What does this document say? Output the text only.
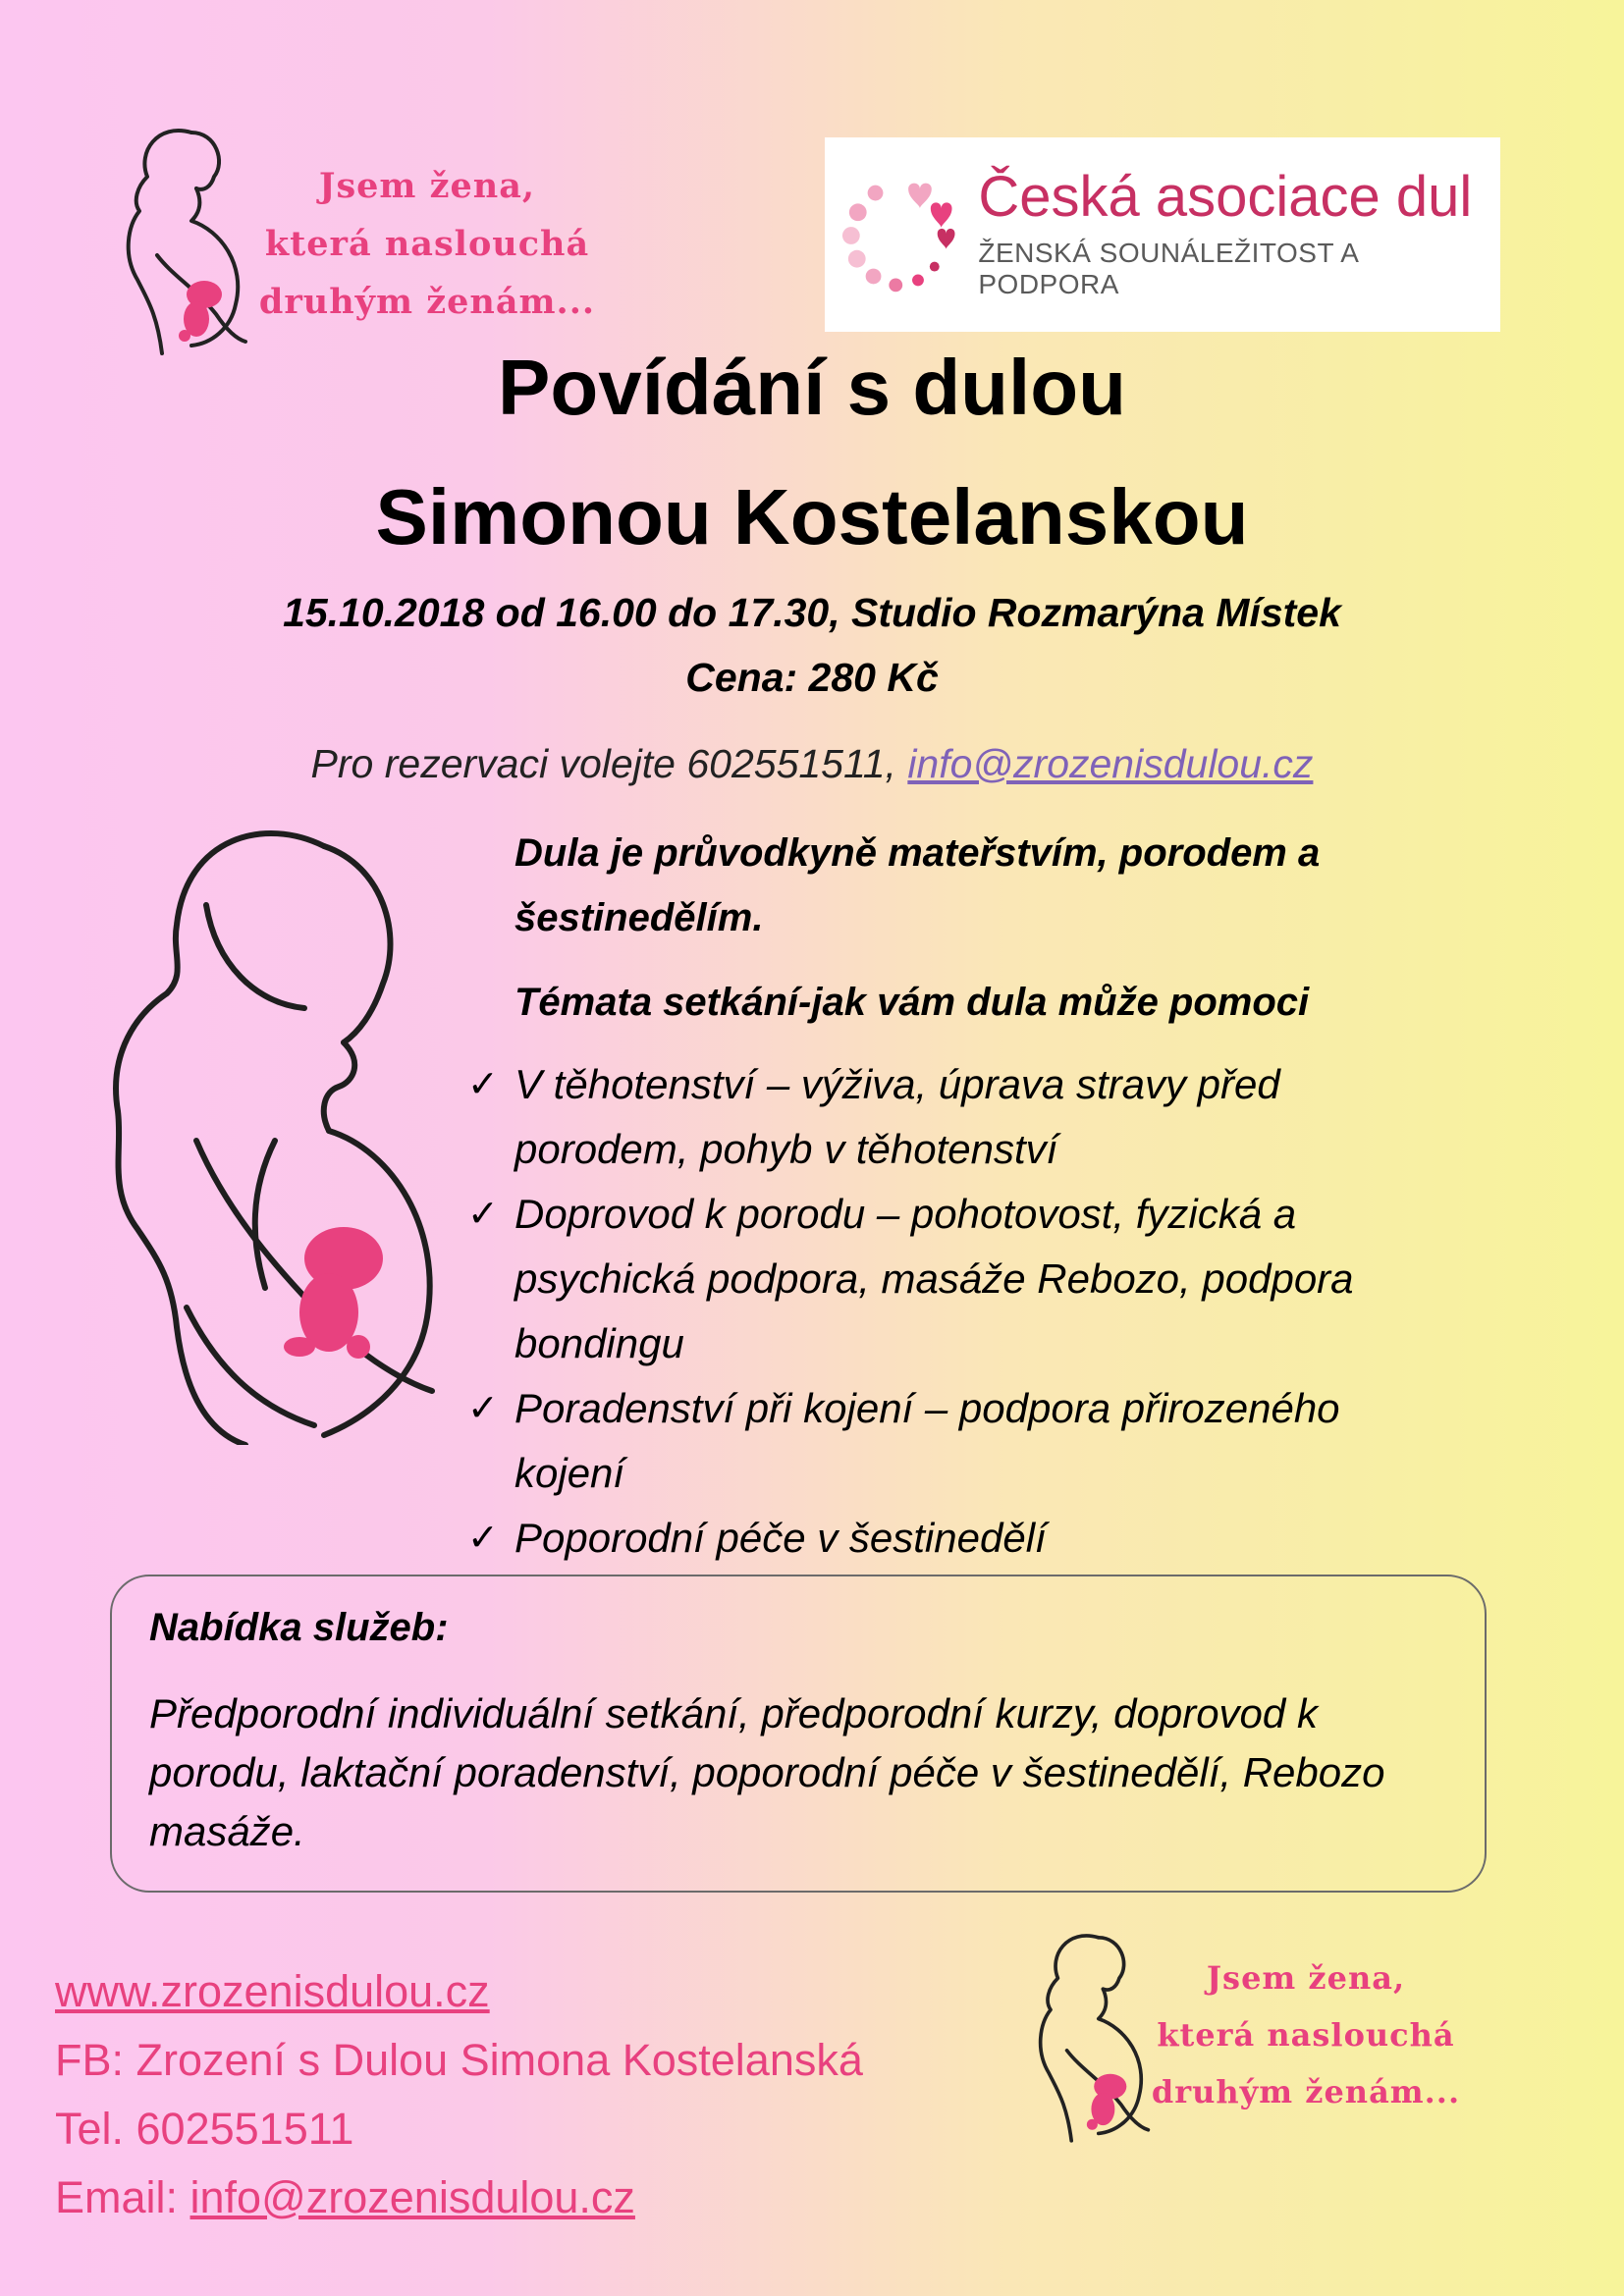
Jsem žena,
která naslouchá
druhým ženám...
Česká asociace dul
ŽENSKÁ SOUNÁLEŽITOST A PODPORA
Povídání s dulou
Simonou Kostelanskou
15.10.2018 od 16.00 do 17.30, Studio Rozmarýna Místek
Cena: 280 Kč
Pro rezervaci volejte 602551511, info@zrozenisdulou.cz
Dula je průvodkyně mateřstvím, porodem a šestinedělím.
Témata setkání-jak vám dula může pomoci
✓ V těhotenství – výživa, úprava stravy před porodem, pohyb v těhotenství
✓ Doprovod k porodu – pohotovost, fyzická a psychická podpora, masáže Rebozo, podpora bondingu
✓ Poradenství při kojení – podpora přirozeného kojení
✓ Poporodní péče v šestinedělí
Nabídka služeb:
Předporodní individuální setkání, předporodní kurzy, doprovod k porodu, laktační poradenství, poporodní péče v šestinedělí, Rebozo masáže.
www.zrozenisdulou.cz
FB: Zrození s Dulou Simona Kostelanská
Tel. 602551511
Email: info@zrozenisdulou.cz
Jsem žena,
která naslouchá
druhým ženám...
